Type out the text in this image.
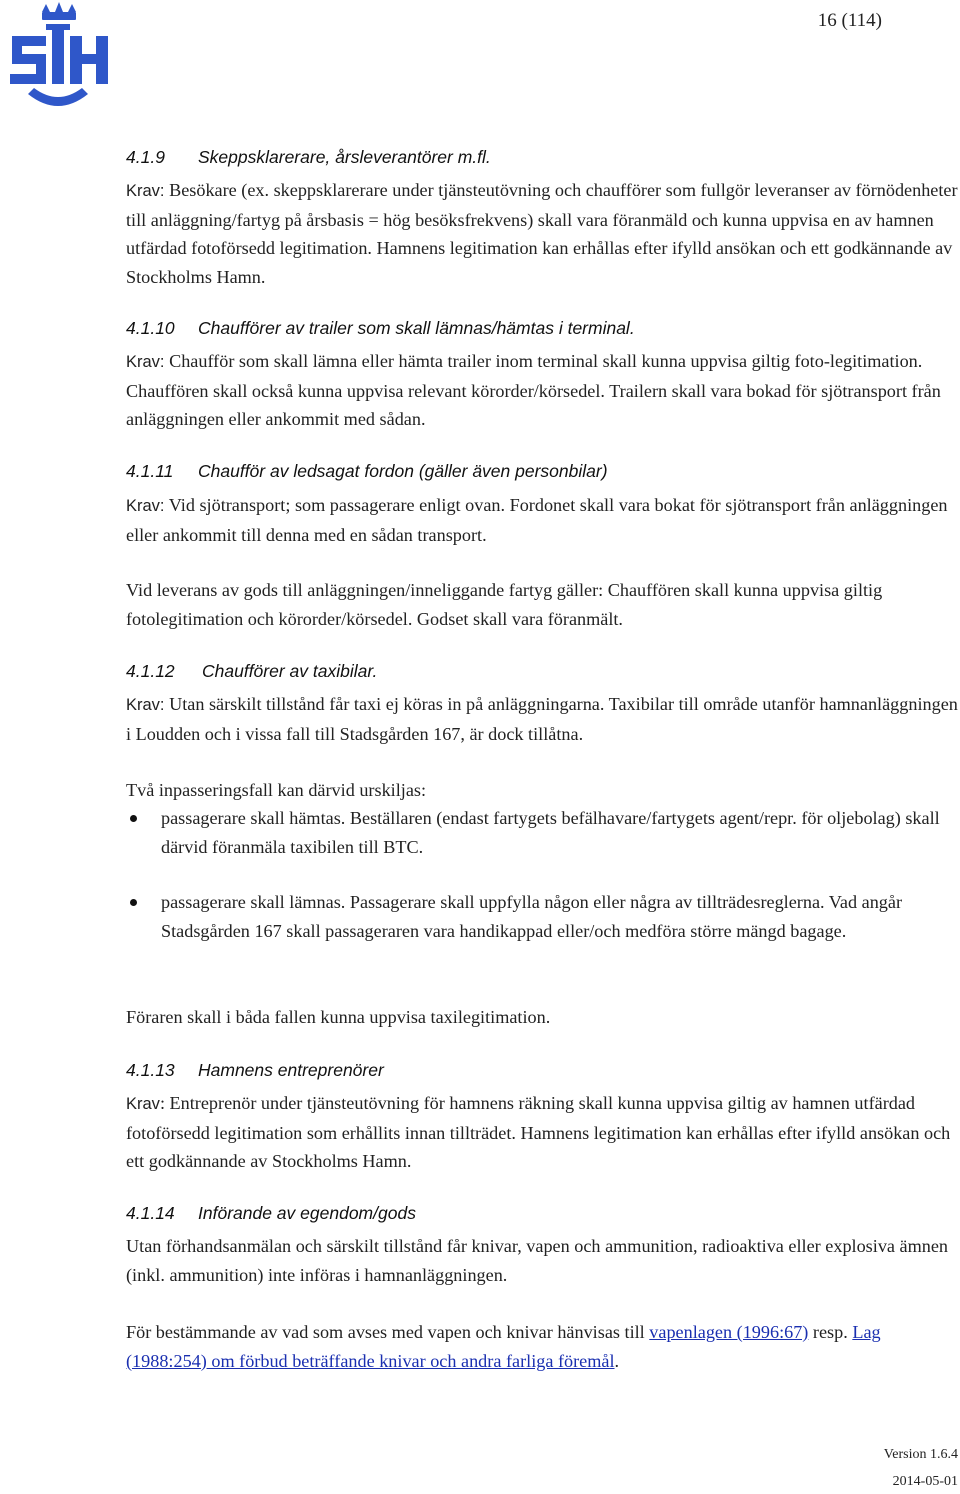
16 (114)
4.1.9 Skeppsklarerare, årsleverantörer m.fl.
Krav: Besökare (ex. skeppsklarerare under tjänsteutövning och chaufförer som fullgör leveranser av förnödenheter till anläggning/fartyg på årsbasis = hög besöksfrekvens) skall vara föranmäld och kunna uppvisa en av hamnen utfärdad fotoförsedd legitimation. Hamnens legitimation kan erhållas efter ifylld ansökan och ett godkännande av Stockholms Hamn.
4.1.10 Chaufförer av trailer som skall lämnas/hämtas i terminal.
Krav: Chaufför som skall lämna eller hämta trailer inom terminal skall kunna uppvisa giltig foto-legitimation. Chauffören skall också kunna uppvisa relevant körorder/körsedel. Trailern skall vara bokad för sjötransport från anläggningen eller ankommit med sådan.
4.1.11 Chaufför av ledsagat fordon (gäller även personbilar)
Krav: Vid sjötransport; som passagerare enligt ovan. Fordonet skall vara bokat för sjötransport från anläggningen eller ankommit till denna med en sådan transport.
Vid leverans av gods till anläggningen/inneliggande fartyg gäller: Chauffören skall kunna uppvisa giltig fotolegitimation och körorder/körsedel. Godset skall vara föranmält.
4.1.12 Chaufförer av taxibilar.
Krav: Utan särskilt tillstånd får taxi ej köras in på anläggningarna. Taxibilar till område utanför hamnanläggningen i Loudden och i vissa fall till Stadsgården 167, är dock tillåtna.
Två inpasseringsfall kan därvid urskiljas:
passagerare skall hämtas. Beställaren (endast fartygets befälhavare/fartygets agent/repr. för oljebolag) skall därvid föranmäla taxibilen till BTC.
passagerare skall lämnas. Passagerare skall uppfylla någon eller några av tillträdesreglerna. Vad angår Stadsgården 167 skall passageraren vara handikappad eller/och medföra större mängd bagage.
Föraren skall i båda fallen kunna uppvisa taxilegitimation.
4.1.13 Hamnens entreprenörer
Krav: Entreprenör under tjänsteutövning för hamnens räkning skall kunna uppvisa giltig av hamnen utfärdad fotoförsedd legitimation som erhållits innan tillträdet. Hamnens legitimation kan erhållas efter ifylld ansökan och ett godkännande av Stockholms Hamn.
4.1.14 Införande av egendom/gods
Utan förhandsanmälan och särskilt tillstånd får knivar, vapen och ammunition, radioaktiva eller explosiva ämnen (inkl. ammunition) inte införas i hamnanläggningen.
För bestämmande av vad som avses med vapen och knivar hänvisas till vapenlagen (1996:67) resp. Lag (1988:254) om förbud beträffande knivar och andra farliga föremål.
Version 1.6.4
2014-05-01
